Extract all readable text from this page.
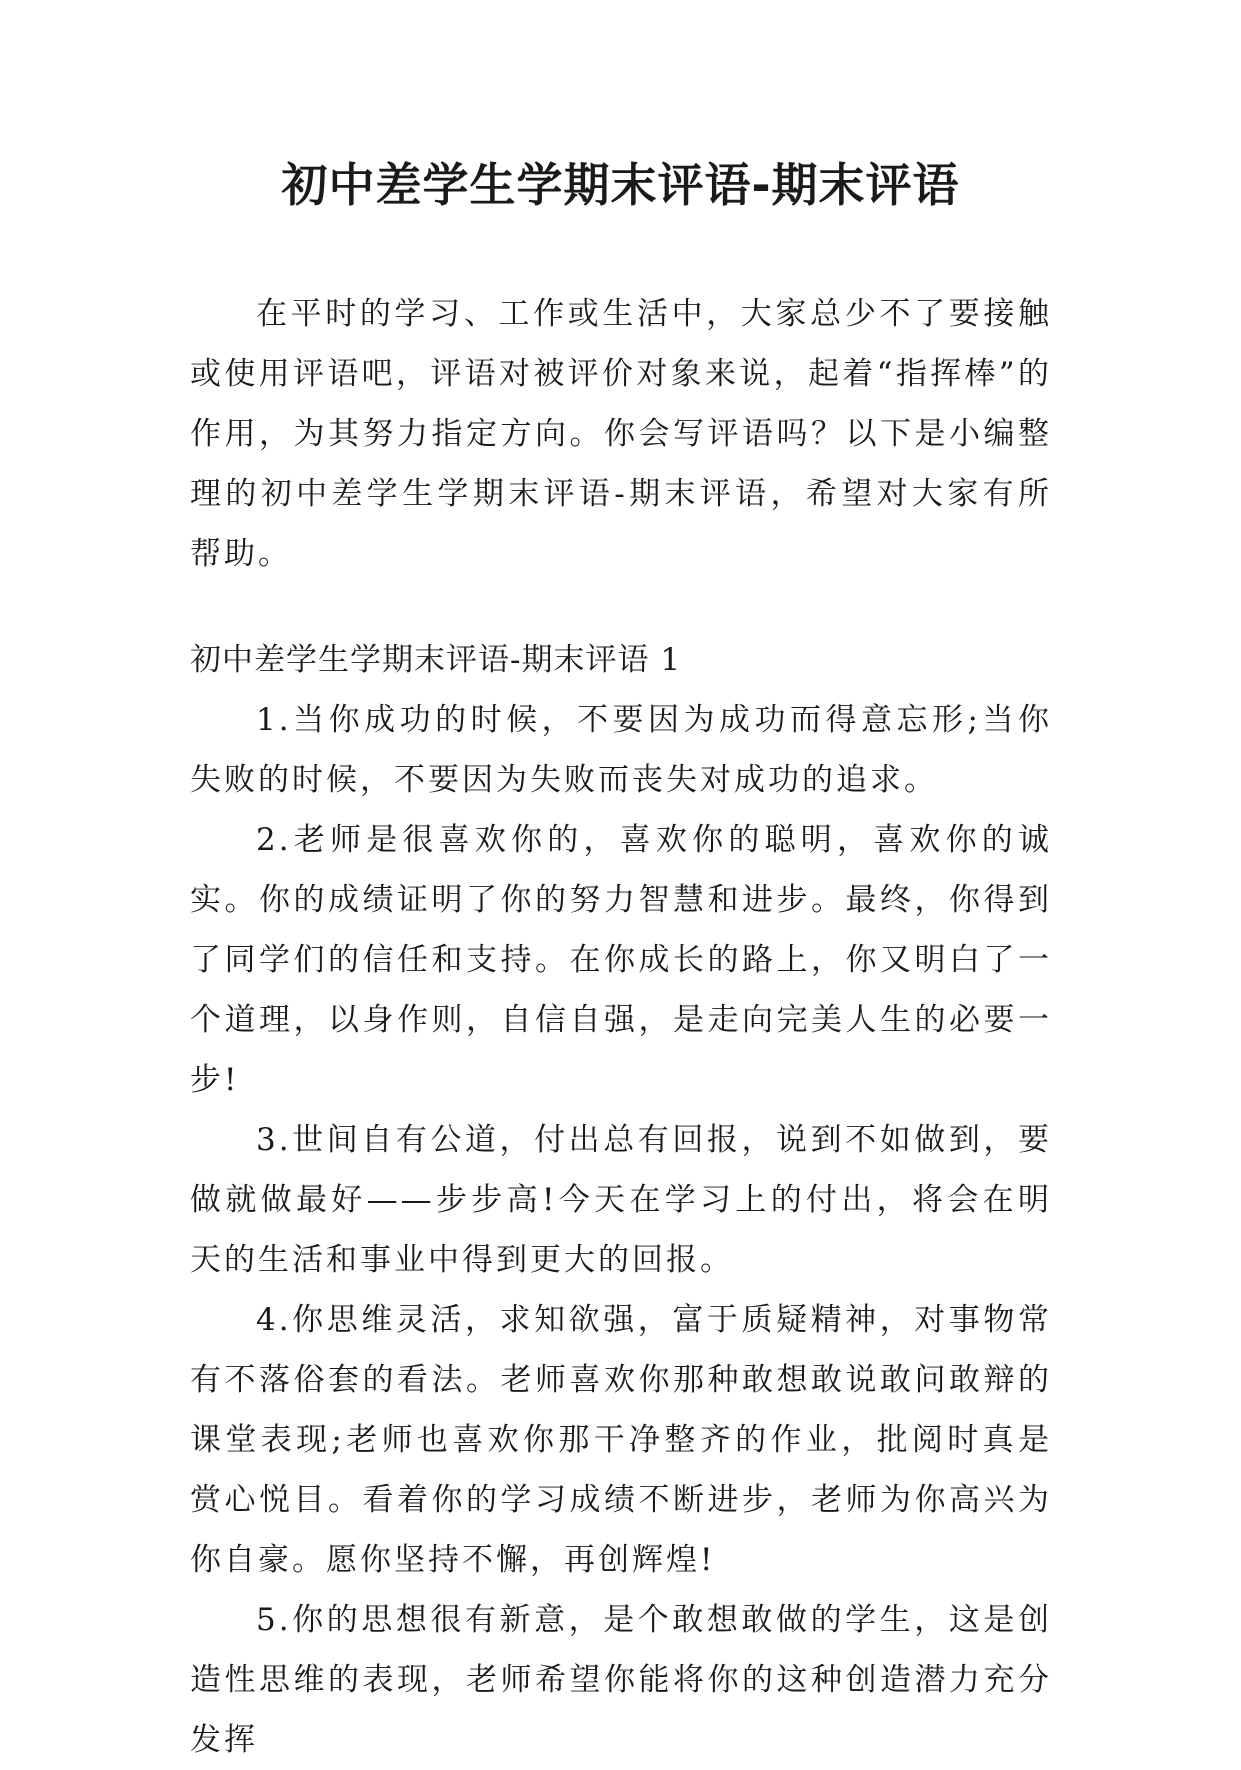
初中差学生学期末评语-期末评语

在平时的学习、工作或生活中，大家总少不了要接触或使用评语吧，评语对被评价对象来说，起着“指挥棒”的作用，为其努力指定方向。你会写评语吗？以下是小编整理的初中差学生学期末评语-期末评语，希望对大家有所帮助。

初中差学生学期末评语-期末评语 1

1.当你成功的时候，不要因为成功而得意忘形;当你失败的时候，不要因为失败而丧失对成功的追求。

2.老师是很喜欢你的，喜欢你的聪明，喜欢你的诚实。你的成绩证明了你的努力智慧和进步。最终，你得到了同学们的信任和支持。在你成长的路上，你又明白了一个道理，以身作则，自信自强，是走向完美人生的必要一步!

3.世间自有公道，付出总有回报，说到不如做到，要做就做最好——步步高!今天在学习上的付出，将会在明天的生活和事业中得到更大的回报。

4.你思维灵活，求知欲强，富于质疑精神，对事物常有不落俗套的看法。老师喜欢你那种敢想敢说敢问敢辩的课堂表现;老师也喜欢你那干净整齐的作业，批阅时真是赏心悦目。看着你的学习成绩不断进步，老师为你高兴为你自豪。愿你坚持不懈，再创辉煌!

5.你的思想很有新意，是个敢想敢做的学生，这是创造性思维的表现，老师希望你能将你的这种创造潜力充分发挥
